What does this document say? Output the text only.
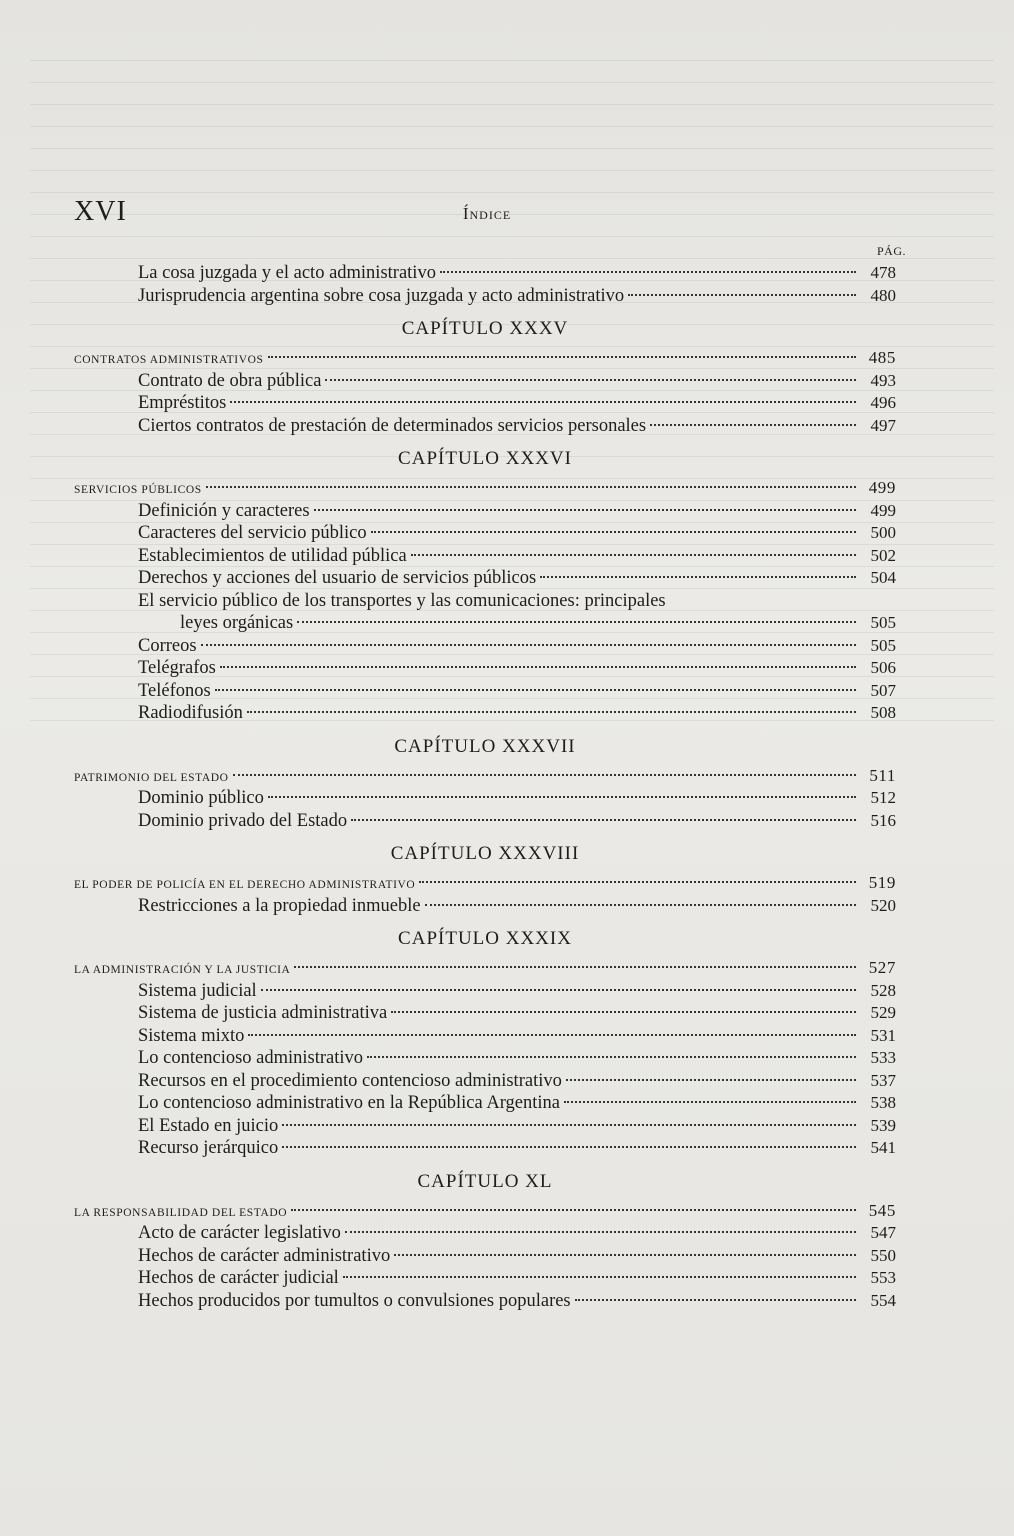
XVI	Índice
PÁG.
La cosa juzgada y el acto administrativo	478
Jurisprudencia argentina sobre cosa juzgada y acto administrativo	480
CAPÍTULO XXXV
CONTRATOS ADMINISTRATIVOS	485
Contrato de obra pública	493
Empréstitos	496
Ciertos contratos de prestación de determinados servicios personales	497
CAPÍTULO XXXVI
SERVICIOS PÚBLICOS	499
Definición y caracteres	499
Caracteres del servicio público	500
Establecimientos de utilidad pública	502
Derechos y acciones del usuario de servicios públicos	504
El servicio público de los transportes y las comunicaciones: principales
leyes orgánicas	505
Correos	505
Telégrafos	506
Teléfonos	507
Radiodifusión	508
CAPÍTULO XXXVII
PATRIMONIO DEL ESTADO	511
Dominio público	512
Dominio privado del Estado	516
CAPÍTULO XXXVIII
EL PODER DE POLICÍA EN EL DERECHO ADMINISTRATIVO	519
Restricciones a la propiedad inmueble	520
CAPÍTULO XXXIX
LA ADMINISTRACIÓN Y LA JUSTICIA	527
Sistema judicial	528
Sistema de justicia administrativa	529
Sistema mixto	531
Lo contencioso administrativo	533
Recursos en el procedimiento contencioso administrativo	537
Lo contencioso administrativo en la República Argentina	538
El Estado en juicio	539
Recurso jerárquico	541
CAPÍTULO XL
LA RESPONSABILIDAD DEL ESTADO	545
Acto de carácter legislativo	547
Hechos de carácter administrativo	550
Hechos de carácter judicial	553
Hechos producidos por tumultos o convulsiones populares	554
